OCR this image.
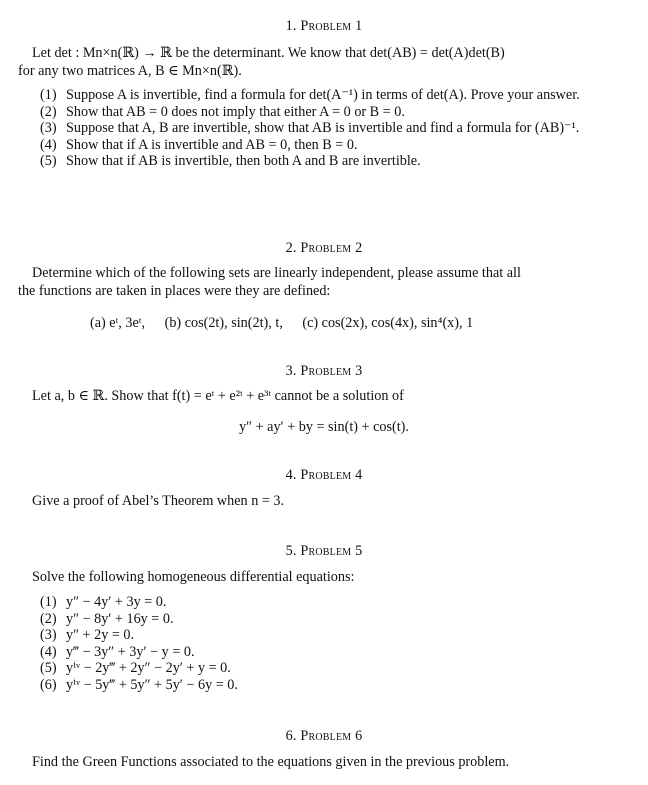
1. Problem 1
Let det : Mn×n(ℝ) → ℝ be the determinant. We know that det(AB) = det(A)det(B)
for any two matrices A, B ∈ Mn×n(ℝ).
(1) Suppose A is invertible, find a formula for det(A⁻¹) in terms of det(A). Prove your answer.
(2) Show that AB = 0 does not imply that either A = 0 or B = 0.
(3) Suppose that A, B are invertible, show that AB is invertible and find a formula for (AB)⁻¹.
(4) Show that if A is invertible and AB = 0, then B = 0.
(5) Show that if AB is invertible, then both A and B are invertible.
2. Problem 2
Determine which of the following sets are linearly independent, please assume that all
the functions are taken in places were they are defined:
(a) eᵗ, 3eᵗ, (b) cos(2t), sin(2t), t, (c) cos(2x), cos(4x), sin⁴(x), 1
3. Problem 3
Let a, b ∈ ℝ. Show that f(t) = eᵗ + e²ᵗ + e³ᵗ cannot be a solution of
y″ + ay′ + by = sin(t) + cos(t).
4. Problem 4
Give a proof of Abel’s Theorem when n = 3.
5. Problem 5
Solve the following homogeneous differential equations:
(1) y″ − 4y′ + 3y = 0.
(2) y″ − 8y′ + 16y = 0.
(3) y″ + 2y = 0.
(4) y‴ − 3y″ + 3y′ − y = 0.
(5) yⁱᵛ − 2y‴ + 2y″ − 2y′ + y = 0.
(6) yⁱᵛ − 5y‴ + 5y″ + 5y′ − 6y = 0.
6. Problem 6
Find the Green Functions associated to the equations given in the previous problem.
